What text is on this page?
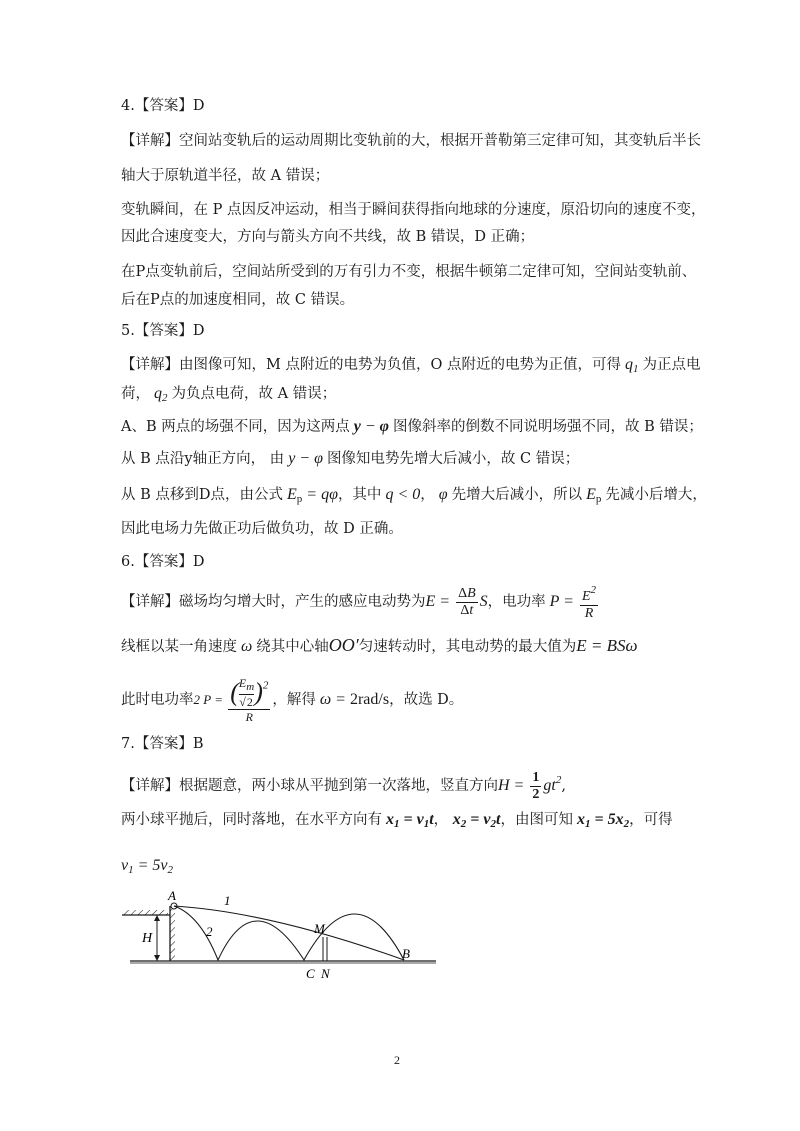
4.【答案】D
【详解】空间站变轨后的运动周期比变轨前的大，根据开普勒第三定律可知，其变轨后半长
轴大于原轨道半径，故 A 错误；
变轨瞬间，在 P 点因反冲运动，相当于瞬间获得指向地球的分速度，原沿切向的速度不变，
因此合速度变大，方向与箭头方向不共线，故 B 错误，D 正确；
在P点变轨前后，空间站所受到的万有引力不变，根据牛顿第二定律可知，空间站变轨前、
后在P点的加速度相同，故 C 错误。
5.【答案】D
【详解】由图像可知，M 点附近的电势为负值，O 点附近的电势为正值，可得 $q_1$ 为正点电
荷， $q_2$ 为负点电荷，故 A 错误；
A、B 两点的场强不同，因为这两点 y − φ 图像斜率的倒数不同说明场强不同，故 B 错误；
从 B 点沿y轴正方向， 由 y − φ 图像知电势先增大后减小，故 C 错误；
从 B 点移到D点，由公式 $E_p = q\varphi$，其中 q < 0， φ 先增大后减小，所以 $E_p$ 先减小后增大，
因此电场力先做正功后做负功，故 D 正确。
6.【答案】D
【详解】磁场均匀增大时，产生的感应电动势为$E = \frac{\Delta B}{\Delta t}$ S，电功率 $P = \frac{E^2}{R}$
线框以某一角速度 ω 绕其中心轴OO′匀速转动时，其电动势的最大值为E = BSω
此时电功率2 $P = \frac{( \frac{E_m}{√2} )^2}{R}$ ，解得 ω = 2rad/s，故选 D。
7.【答案】B
【详解】根据题意，两小球从平抛到第一次落地，竖直方向$H = \frac{1}{2} gt^2$,
两小球平抛后，同时落地，在水平方向有 $x_1 = v_1t$， $x_2 = v_2t$，由图可知 $x_1 = 5x_2$，可得
$v_1 = 5v_2$
H
A	1
2	M
C N
B
2
